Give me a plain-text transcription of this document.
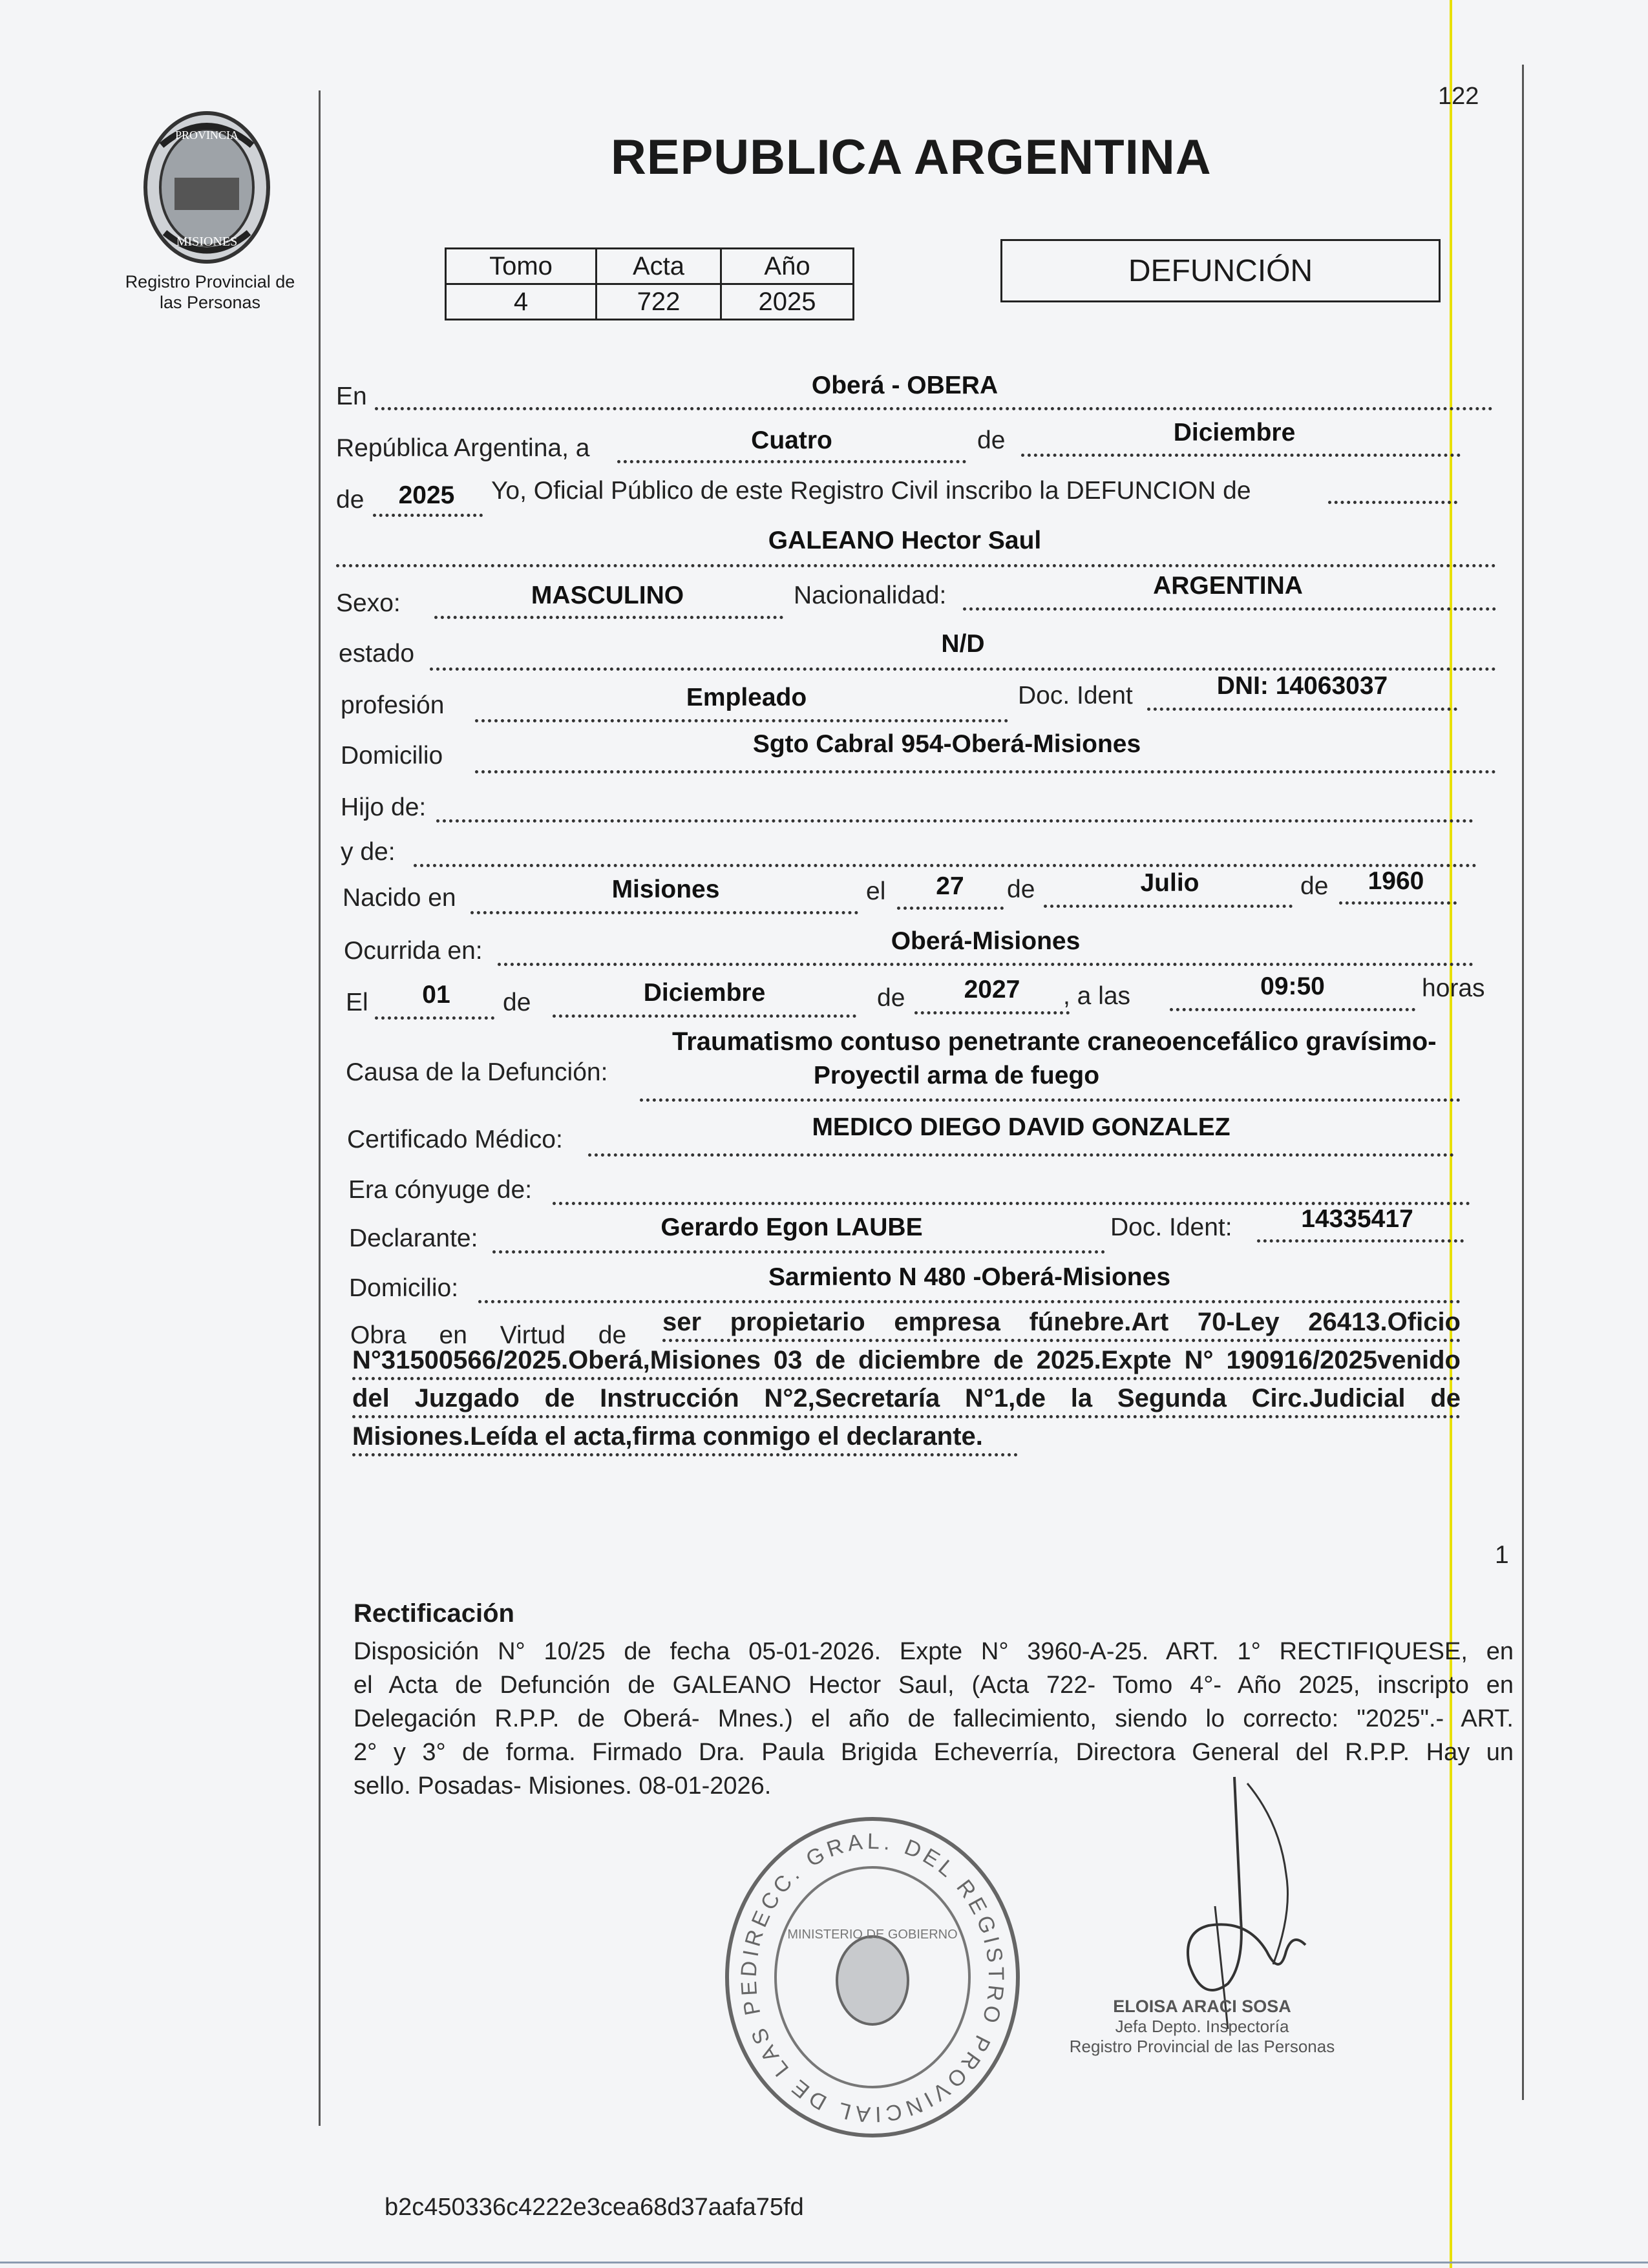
122
PROVINCIA
MISIONES
Registro Provincial de
las Personas
REPUBLICA ARGENTINA
Tomo	Acta	Año
4	722	2025
DEFUNCIÓN
En	Oberá - OBERA
República Argentina, a	Cuatro	de	Diciembre
de	2025	Yo, Oficial Público de este Registro Civil inscribo la DEFUNCION de
GALEANO Hector Saul
Sexo:	MASCULINO	Nacionalidad:	ARGENTINA
estado	N/D
profesión	Empleado	Doc. Ident	DNI: 14063037
Domicilio	Sgto Cabral 954-Oberá-Misiones
Hijo de:
y de:
Nacido en	Misiones	el	27	de	Julio	de	1960
Ocurrida en:	Oberá-Misiones
El	01	de	Diciembre	de	2027	, a las	09:50	horas
Causa de la Defunción:
Traumatismo contuso penetrante craneoencefálico gravísimo-
Proyectil arma de fuego
Certificado Médico:	MEDICO DIEGO DAVID GONZALEZ
Era cónyuge de:
Declarante:	Gerardo Egon LAUBE	Doc. Ident:	14335417
Domicilio:	Sarmiento N 480 -Oberá-Misiones
Obra en Virtud de ser propietario empresa fúnebre.Art 70-Ley 26413.Oficio
N°31500566/2025.Oberá,Misiones 03 de diciembre de 2025.Expte N° 190916/2025venido
del Juzgado de Instrucción N°2,Secretaría N°1,de la Segunda Circ.Judicial de
Misiones.Leída el acta,firma conmigo el declarante.
1
Rectificación
Disposición N° 10/25 de fecha 05-01-2026. Expte N° 3960-A-25. ART. 1° RECTIFIQUESE, en
el Acta de Defunción de GALEANO Hector Saul, (Acta 722- Tomo 4°- Año 2025, inscripto en
Delegación R.P.P. de Oberá- Mnes.) el año de fallecimiento, siendo lo correcto: "2025".- ART.
2° y 3° de forma. Firmado Dra. Paula Brigida Echeverría, Directora General del R.P.P. Hay un
sello. Posadas- Misiones. 08-01-2026.
DIRECC. GRAL. DEL REGISTRO PROVINCIAL DE LAS PE
MINISTERIO DE GOBIERNO
ELOISA ARACI SOSA
Jefa Depto. Inspectoría
Registro Provincial de las Personas
b2c450336c4222e3cea68d37aafa75fd
